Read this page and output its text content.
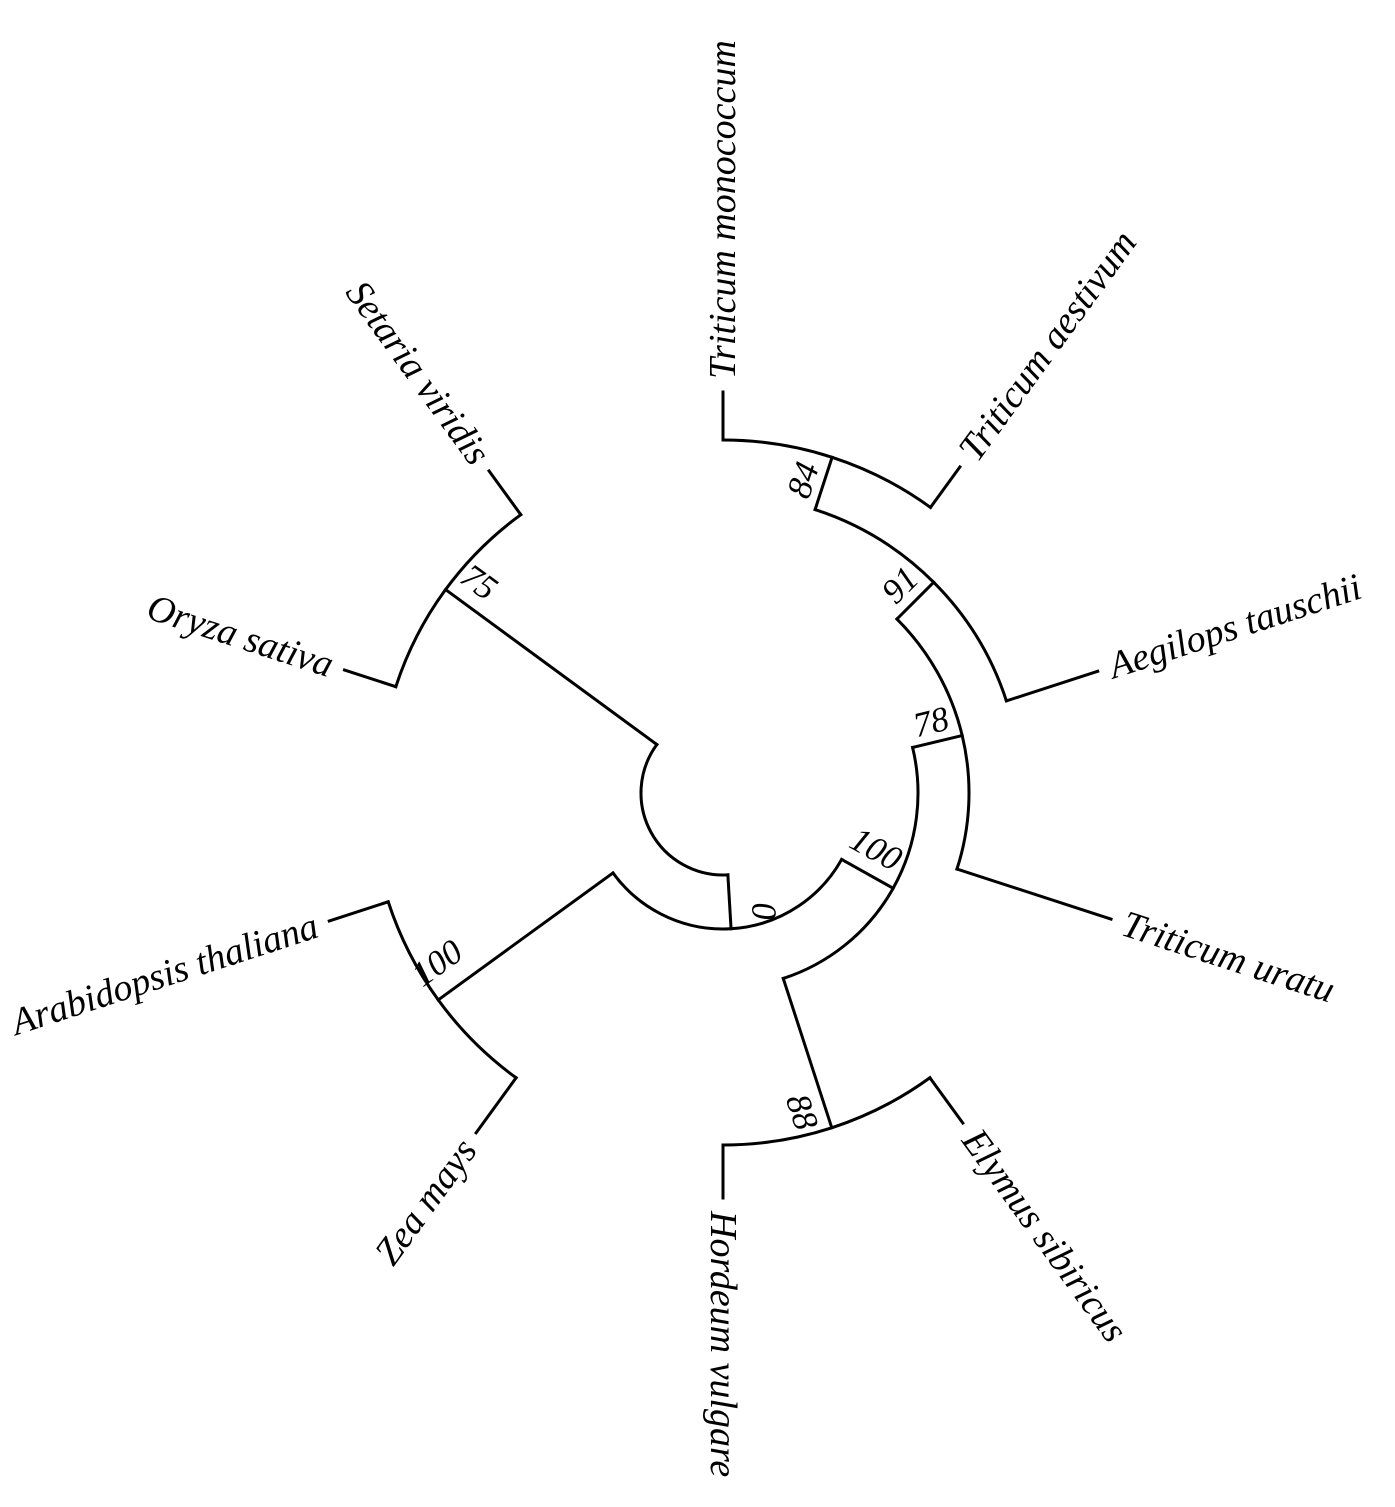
Triticum monococcum	Triticum aestivum
Aegilops tauschii
Triticum uratu
Elymus sibiricus
Hordeum vulgare
Zea mays
Arabidopsis thaliana
Oryza sativa
Setaria viridis
0
75
100
100
78
88
91
84
